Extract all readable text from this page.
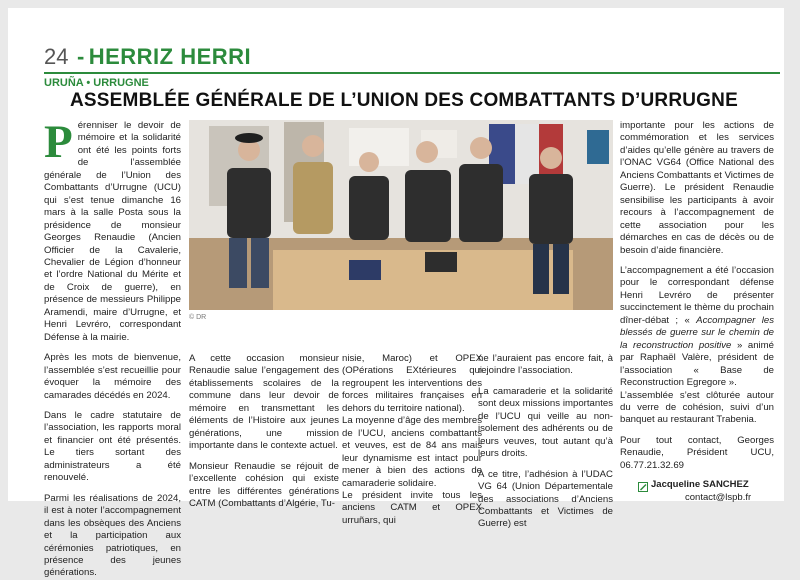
24 - HERRIZ HERRI
URUÑA • URRUGNE
ASSEMBLÉE GÉNÉRALE DE L’UNION DES COMBATTANTS D’URRUGNE

Pérenniser le devoir de mémoire et la solidarité ont été les points forts de l’assemblée générale de l’Union des Combattants d’Urrugne (UCU) qui s’est tenue dimanche 16 mars à la salle Posta sous la présidence de monsieur Georges Renaudie (Ancien Officier de la Cavalerie, Chevalier de Légion d’honneur et l’ordre National du Mérite et de Croix de guerre), en présence de messieurs Philippe Aramendi, maire d’Urrugne, et Henri Levréro, correspondant Défense à la mairie.

Après les mots de bienvenue, l’assemblée s’est recueillie pour évoquer la mémoire des camarades décédés en 2024.

Dans le cadre statutaire de l’association, les rapports moral et financier ont été présentés. Le tiers sortant des administrateurs a été renouvelé.

Parmi les réalisations de 2024, il est à noter l’accompagnement dans les obsèques des Anciens et la participation aux cérémonies patriotiques, en présence des jeunes générations.

© DR

A cette occasion monsieur Renaudie salue l’engagement des établissements scolaires de la commune dans leur devoir de mémoire en transmettant les éléments de l’Histoire aux jeunes générations, une mission importante dans le contexte actuel.

Monsieur Renaudie se réjouit de l’excellente cohésion qui existe entre les différentes générations CATM (Combattants d’Algérie, Tu-

nisie, Maroc) et OPEX (OPérations EXtérieures qui regroupent les interventions des forces militaires françaises en dehors du territoire national).

La moyenne d’âge des membres de l’UCU, anciens combattants et veuves, est de 84 ans mais leur dynamisme est intact pour mener à bien des actions de camaraderie solidaire.

Le président invite tous les anciens CATM et OPEX urruñars, qui

ne l’auraient pas encore fait, à rejoindre l’association.

La camaraderie et la solidarité sont deux missions importantes de l’UCU qui veille au non-isolement des adhérents ou de leurs veuves, tout autant qu’à leurs droits.

A ce titre, l’adhésion à l’UDAC VG 64 (Union Départementale des associations d’Anciens Combattants et Victimes de Guerre) est

importante pour les actions de commémoration et les services d’aides qu’elle génère au travers de l’ONAC VG64 (Office National des Anciens Combattants et Victimes de Guerre). Le président Renaudie sensibilise les participants à avoir recours à l’accompagnement de cette association pour les démarches en cas de décès ou de besoin d’aide financière.

L’accompagnement a été l’occasion pour le correspondant défense Henri Levréro de présenter succinctement le thème du prochain dîner-débat ; « Accompagner les blessés de guerre sur le chemin de la reconstruction positive » animé par Raphaël Valère, président de l’association « Base de Reconstruction Egregore ».

L’assemblée s’est clôturée autour du verre de cohésion, suivi d’un banquet au restaurant Trabenia.

Pour tout contact, Georges Renaudie, Président UCU, 06.77.21.32.69

Jacqueline SANCHEZ
contact@lspb.fr
